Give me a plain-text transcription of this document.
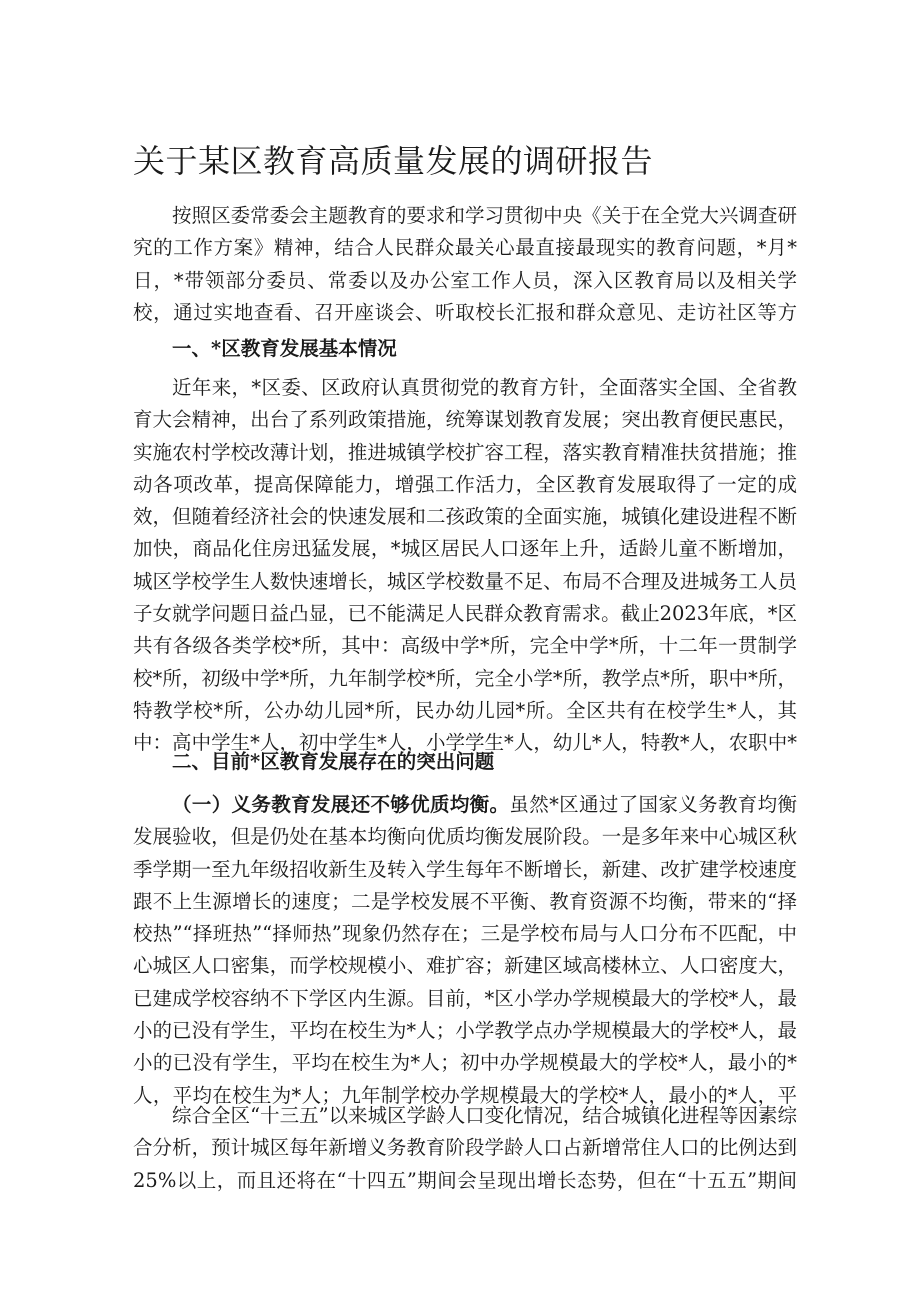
关于某区教育高质量发展的调研报告

按照区委常委会主题教育的要求和学习贯彻中央《关于在全党大兴调查研究的工作方案》精神，结合人民群众最关心最直接最现实的教育问题，*月*日，*带领部分委员、常委以及办公室工作人员，深入区教育局以及相关学校，通过实地查看、召开座谈会、听取校长汇报和群众意见、走访社区等方

一、*区教育发展基本情况

近年来，*区委、区政府认真贯彻党的教育方针，全面落实全国、全省教育大会精神，出台了系列政策措施，统筹谋划教育发展；突出教育便民惠民，实施农村学校改薄计划，推进城镇学校扩容工程，落实教育精准扶贫措施；推动各项改革，提高保障能力，增强工作活力，全区教育发展取得了一定的成效，但随着经济社会的快速发展和二孩政策的全面实施，城镇化建设进程不断加快，商品化住房迅猛发展，*城区居民人口逐年上升，适龄儿童不断增加，城区学校学生人数快速增长，城区学校数量不足、布局不合理及进城务工人员子女就学问题日益凸显，已不能满足人民群众教育需求。截止2023年底，*区共有各级各类学校*所，其中：高级中学*所，完全中学*所，十二年一贯制学校*所，初级中学*所，九年制学校*所，完全小学*所，教学点*所，职中*所，特教学校*所，公办幼儿园*所，民办幼儿园*所。全区共有在校学生*人，其中：高中学生*人，初中学生*人，小学学生*人，幼儿*人，特教*人，农职中*

二、目前*区教育发展存在的突出问题

（一）义务教育发展还不够优质均衡。虽然*区通过了国家义务教育均衡发展验收，但是仍处在基本均衡向优质均衡发展阶段。一是多年来中心城区秋季学期一至九年级招收新生及转入学生每年不断增长，新建、改扩建学校速度跟不上生源增长的速度；二是学校发展不平衡、教育资源不均衡，带来的“择校热”“择班热”“择师热”现象仍然存在；三是学校布局与人口分布不匹配，中心城区人口密集，而学校规模小、难扩容；新建区域高楼林立、人口密度大，已建成学校容纳不下学区内生源。目前，*区小学办学规模最大的学校*人，最小的已没有学生，平均在校生为*人；小学教学点办学规模最大的学校*人，最小的已没有学生，平均在校生为*人；初中办学规模最大的学校*人，最小的*人，平均在校生为*人；九年制学校办学规模最大的学校*人，最小的*人，平

综合全区“十三五”以来城区学龄人口变化情况，结合城镇化进程等因素综合分析，预计城区每年新增义务教育阶段学龄人口占新增常住人口的比例达到25%以上，而且还将在“十四五”期间会呈现出增长态势，但在“十五五”期间
